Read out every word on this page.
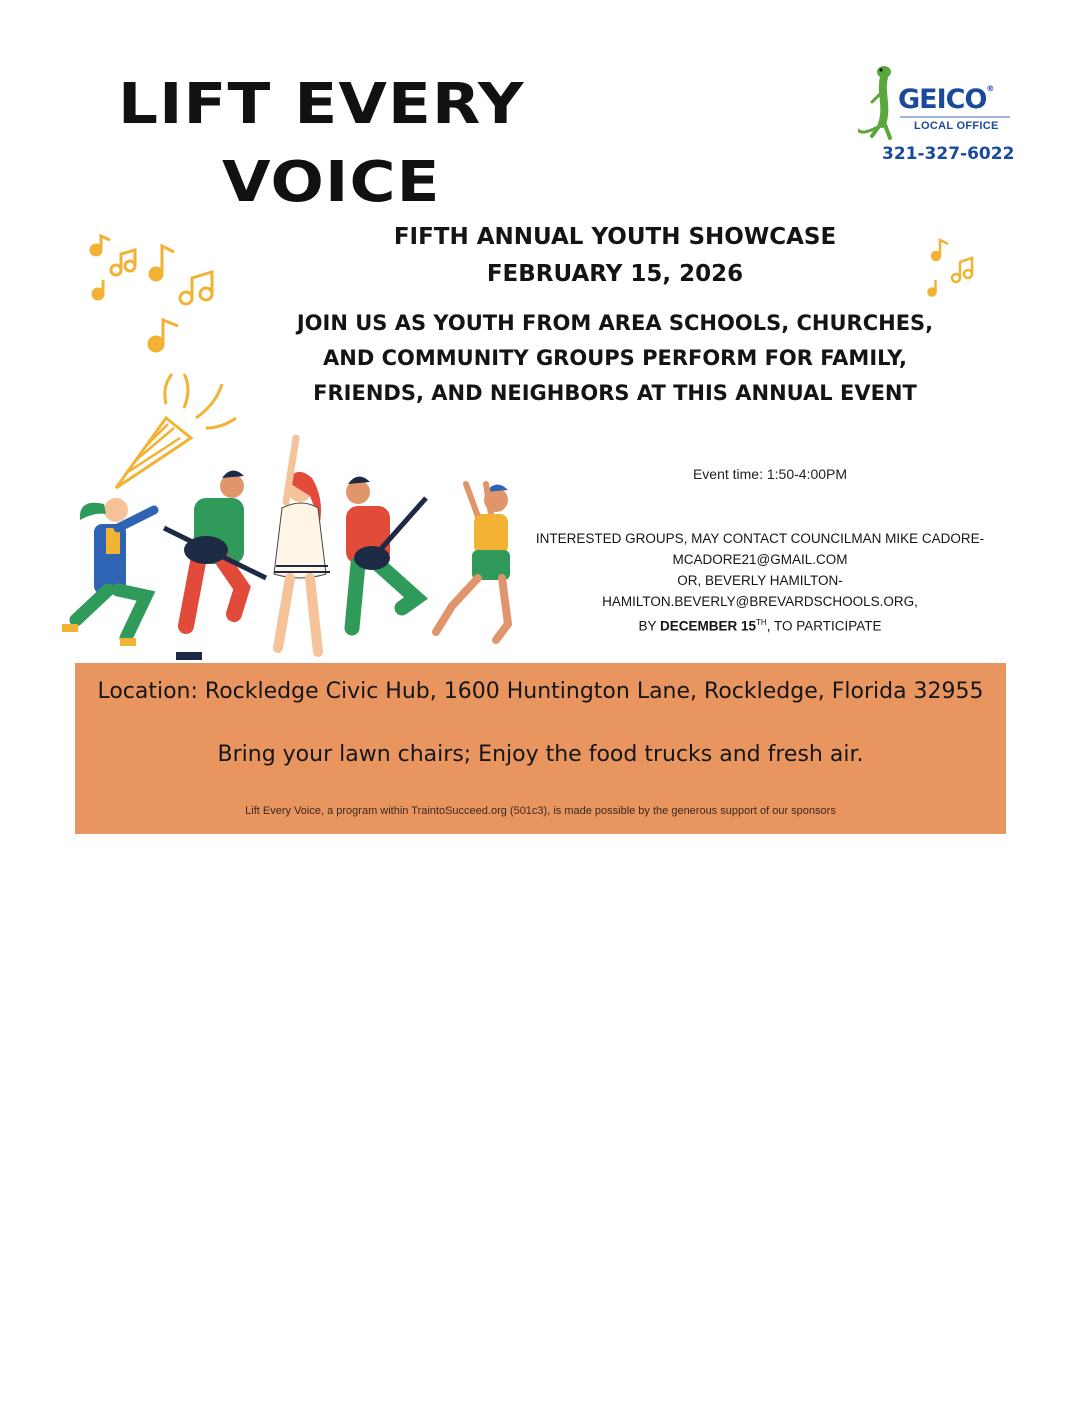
LIFT EVERY
VOICE
GEICO®
LOCAL OFFICE
321-327-6022
FIFTH ANNUAL YOUTH SHOWCASE
FEBRUARY 15, 2026
JOIN US AS YOUTH FROM AREA SCHOOLS, CHURCHES,
AND COMMUNITY GROUPS PERFORM FOR FAMILY,
FRIENDS, AND NEIGHBORS AT THIS ANNUAL EVENT
Event time: 1:50-4:00PM
INTERESTED GROUPS, MAY CONTACT COUNCILMAN MIKE CADORE-
MCADORE21@GMAIL.COM
OR, BEVERLY HAMILTON-
HAMILTON.BEVERLY@BREVARDSCHOOLS.ORG,
BY DECEMBER 15TH, TO PARTICIPATE
Location: Rockledge Civic Hub, 1600 Huntington Lane, Rockledge, Florida 32955
Bring your lawn chairs; Enjoy the food trucks and fresh air.
Lift Every Voice, a program within TraintoSucceed.org (501c3), is made possible by the generous support of our sponsors
